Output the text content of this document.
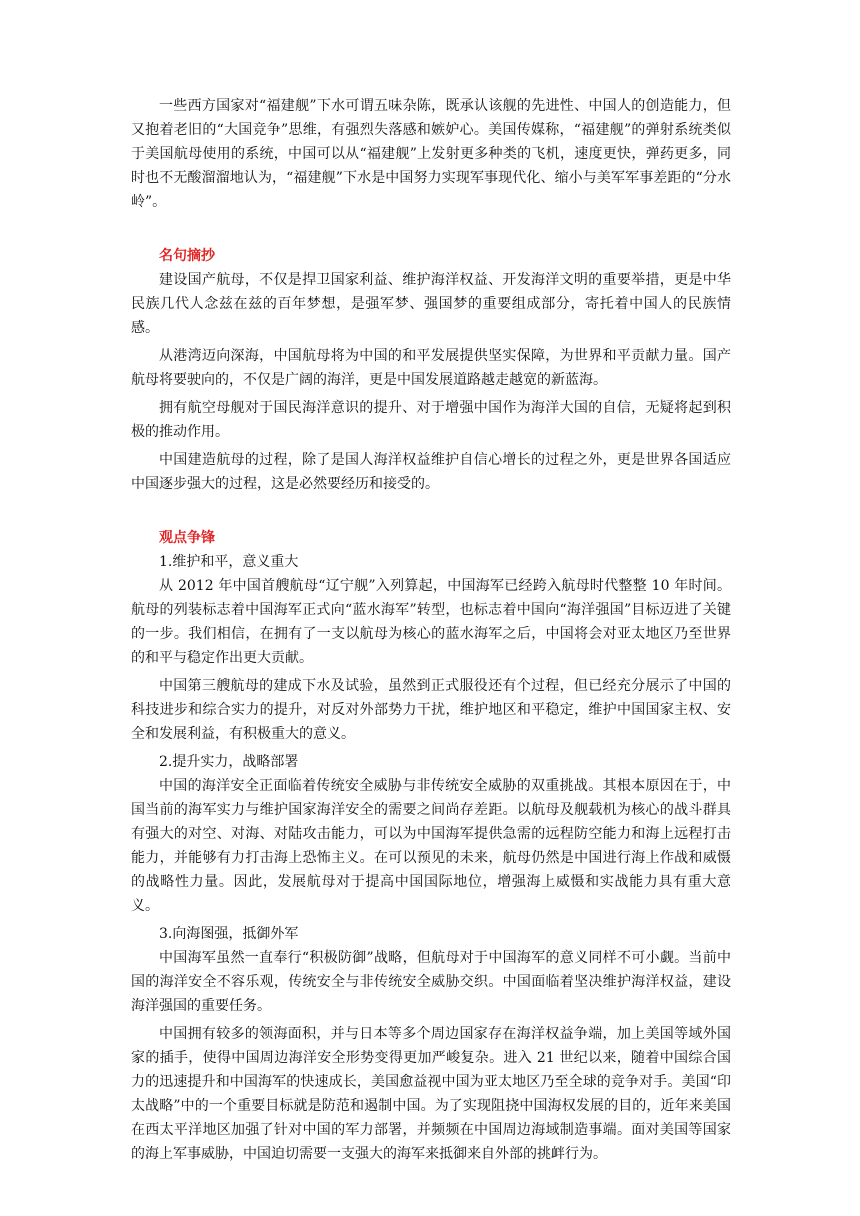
一些西方国家对“福建舰”下水可谓五味杂陈，既承认该舰的先进性、中国人的创造能力，但又抱着老旧的“大国竞争”思维，有强烈失落感和嫉妒心。美国传媒称，“福建舰”的弹射系统类似于美国航母使用的系统，中国可以从“福建舰”上发射更多种类的飞机，速度更快，弹药更多，同时也不无酸溜溜地认为，“福建舰”下水是中国努力实现军事现代化、缩小与美军军事差距的“分水岭”。

名句摘抄

建设国产航母，不仅是捍卫国家利益、维护海洋权益、开发海洋文明的重要举措，更是中华民族几代人念兹在兹的百年梦想，是强军梦、强国梦的重要组成部分，寄托着中国人的民族情感。

从港湾迈向深海，中国航母将为中国的和平发展提供坚实保障，为世界和平贡献力量。国产航母将要驶向的，不仅是广阔的海洋，更是中国发展道路越走越宽的新蓝海。

拥有航空母舰对于国民海洋意识的提升、对于增强中国作为海洋大国的自信，无疑将起到积极的推动作用。

中国建造航母的过程，除了是国人海洋权益维护自信心增长的过程之外，更是世界各国适应中国逐步强大的过程，这是必然要经历和接受的。

观点争锋

1.维护和平，意义重大

从 2012 年中国首艘航母“辽宁舰”入列算起，中国海军已经跨入航母时代整整 10 年时间。航母的列装标志着中国海军正式向“蓝水海军”转型，也标志着中国向“海洋强国”目标迈进了关键的一步。我们相信，在拥有了一支以航母为核心的蓝水海军之后，中国将会对亚太地区乃至世界的和平与稳定作出更大贡献。

中国第三艘航母的建成下水及试验，虽然到正式服役还有个过程，但已经充分展示了中国的科技进步和综合实力的提升，对反对外部势力干扰，维护地区和平稳定，维护中国国家主权、安全和发展利益，有积极重大的意义。

2.提升实力，战略部署

中国的海洋安全正面临着传统安全威胁与非传统安全威胁的双重挑战。其根本原因在于，中国当前的海军实力与维护国家海洋安全的需要之间尚存差距。以航母及舰载机为核心的战斗群具有强大的对空、对海、对陆攻击能力，可以为中国海军提供急需的远程防空能力和海上远程打击能力，并能够有力打击海上恐怖主义。在可以预见的未来，航母仍然是中国进行海上作战和威慑的战略性力量。因此，发展航母对于提高中国国际地位，增强海上威慑和实战能力具有重大意义。

3.向海图强，抵御外军

中国海军虽然一直奉行“积极防御”战略，但航母对于中国海军的意义同样不可小觑。当前中国的海洋安全不容乐观，传统安全与非传统安全威胁交织。中国面临着坚决维护海洋权益，建设海洋强国的重要任务。

中国拥有较多的领海面积，并与日本等多个周边国家存在海洋权益争端，加上美国等域外国家的插手，使得中国周边海洋安全形势变得更加严峻复杂。进入 21 世纪以来，随着中国综合国力的迅速提升和中国海军的快速成长，美国愈益视中国为亚太地区乃至全球的竞争对手。美国“印太战略”中的一个重要目标就是防范和遏制中国。为了实现阻挠中国海权发展的目的，近年来美国在西太平洋地区加强了针对中国的军力部署，并频频在中国周边海域制造事端。面对美国等国家的海上军事威胁，中国迫切需要一支强大的海军来抵御来自外部的挑衅行为。
